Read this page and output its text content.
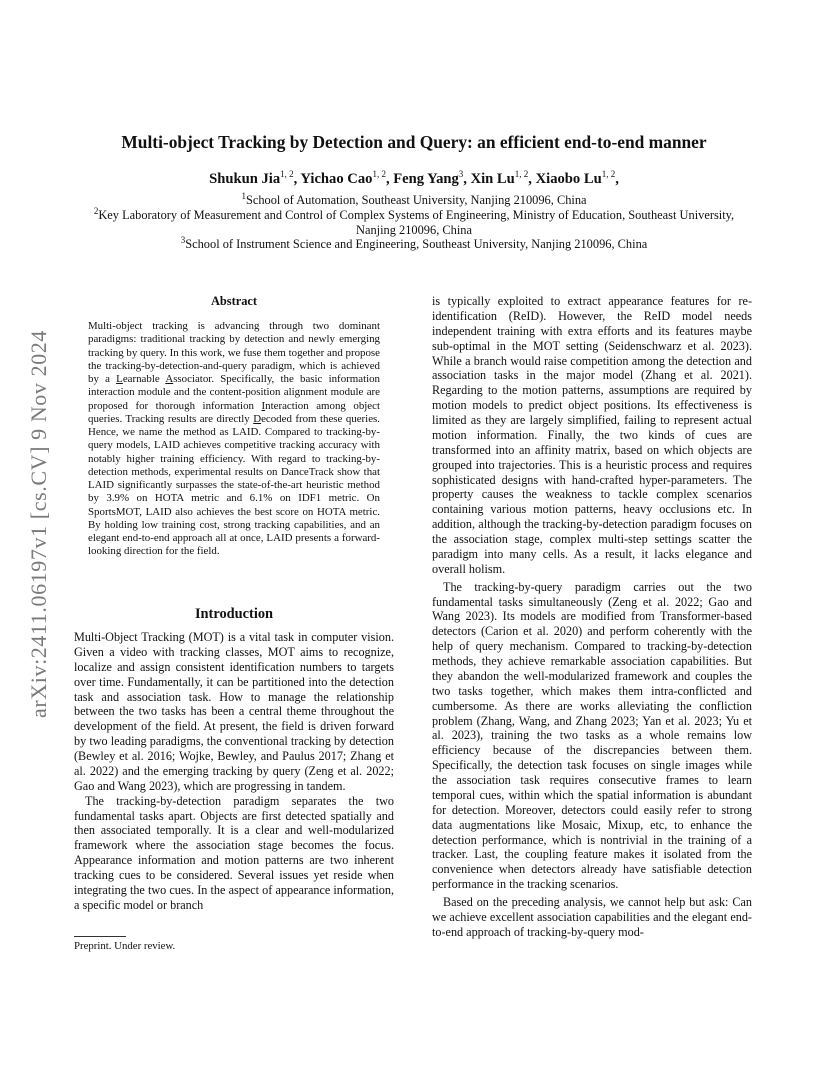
arXiv:2411.06197v1 [cs.CV] 9 Nov 2024
Multi-object Tracking by Detection and Query: an efficient end-to-end manner
Shukun Jia$^{1, 2}$, Yichao Cao$^{1, 2}$, Feng Yang$^3$, Xin Lu$^{1, 2}$, Xiaobo Lu$^{1, 2}$,
$^1$School of Automation, Southeast University, Nanjing 210096, China
$^2$Key Laboratory of Measurement and Control of Complex Systems of Engineering, Ministry of Education, Southeast University, Nanjing 210096, China
$^3$School of Instrument Science and Engineering, Southeast University, Nanjing 210096, China
Abstract

Multi-object tracking is advancing through two dominant paradigms: traditional tracking by detection and newly emerging tracking by query. In this work, we fuse them together and propose the tracking-by-detection-and-query paradigm, which is achieved by a Learnable Associator. Specifically, the basic information interaction module and the content-position alignment module are proposed for thorough information Interaction among object queries. Tracking results are directly Decoded from these queries. Hence, we name the method as LAID. Compared to tracking-by-query models, LAID achieves competitive tracking accuracy with notably higher training efficiency. With regard to tracking-by-detection methods, experimental results on DanceTrack show that LAID significantly surpasses the state-of-the-art heuristic method by 3.9% on HOTA metric and 6.1% on IDF1 metric. On SportsMOT, LAID also achieves the best score on HOTA metric. By holding low training cost, strong tracking capabilities, and an elegant end-to-end approach all at once, LAID presents a forward-looking direction for the field.

Introduction

Multi-Object Tracking (MOT) is a vital task in computer vision. Given a video with tracking classes, MOT aims to recognize, localize and assign consistent identification numbers to targets over time. Fundamentally, it can be partitioned into the detection task and association task. How to manage the relationship between the two tasks has been a central theme throughout the development of the field. At present, the field is driven forward by two leading paradigms, the conventional tracking by detection (Bewley et al. 2016; Wojke, Bewley, and Paulus 2017; Zhang et al. 2022) and the emerging tracking by query (Zeng et al. 2022; Gao and Wang 2023), which are progressing in tandem.

The tracking-by-detection paradigm separates the two fundamental tasks apart. Objects are first detected spatially and then associated temporally. It is a clear and well-modularized framework where the association stage becomes the focus. Appearance information and motion patterns are two inherent tracking cues to be considered. Several issues yet reside when integrating the two cues. In the aspect of appearance information, a specific model or branch

is typically exploited to extract appearance features for re-identification (ReID). However, the ReID model needs independent training with extra efforts and its features maybe sub-optimal in the MOT setting (Seidenschwarz et al. 2023). While a branch would raise competition among the detection and association tasks in the major model (Zhang et al. 2021). Regarding to the motion patterns, assumptions are required by motion models to predict object positions. Its effectiveness is limited as they are largely simplified, failing to represent actual motion information. Finally, the two kinds of cues are transformed into an affinity matrix, based on which objects are grouped into trajectories. This is a heuristic process and requires sophisticated designs with hand-crafted hyper-parameters. The property causes the weakness to tackle complex scenarios containing various motion patterns, heavy occlusions etc. In addition, although the tracking-by-detection paradigm focuses on the association stage, complex multi-step settings scatter the paradigm into many cells. As a result, it lacks elegance and overall holism.

The tracking-by-query paradigm carries out the two fundamental tasks simultaneously (Zeng et al. 2022; Gao and Wang 2023). Its models are modified from Transformer-based detectors (Carion et al. 2020) and perform coherently with the help of query mechanism. Compared to tracking-by-detection methods, they achieve remarkable association capabilities. But they abandon the well-modularized framework and couples the two tasks together, which makes them intra-conflicted and cumbersome. As there are works alleviating the confliction problem (Zhang, Wang, and Zhang 2023; Yan et al. 2023; Yu et al. 2023), training the two tasks as a whole remains low efficiency because of the discrepancies between them. Specifically, the detection task focuses on single images while the association task requires consecutive frames to learn temporal cues, within which the spatial information is abundant for detection. Moreover, detectors could easily refer to strong data augmentations like Mosaic, Mixup, etc, to enhance the detection performance, which is nontrivial in the training of a tracker. Last, the coupling feature makes it isolated from the convenience when detectors already have satisfiable detection performance in the tracking scenarios.

Based on the preceding analysis, we cannot help but ask: Can we achieve excellent association capabilities and the elegant end-to-end approach of tracking-by-query mod-

Preprint. Under review.
